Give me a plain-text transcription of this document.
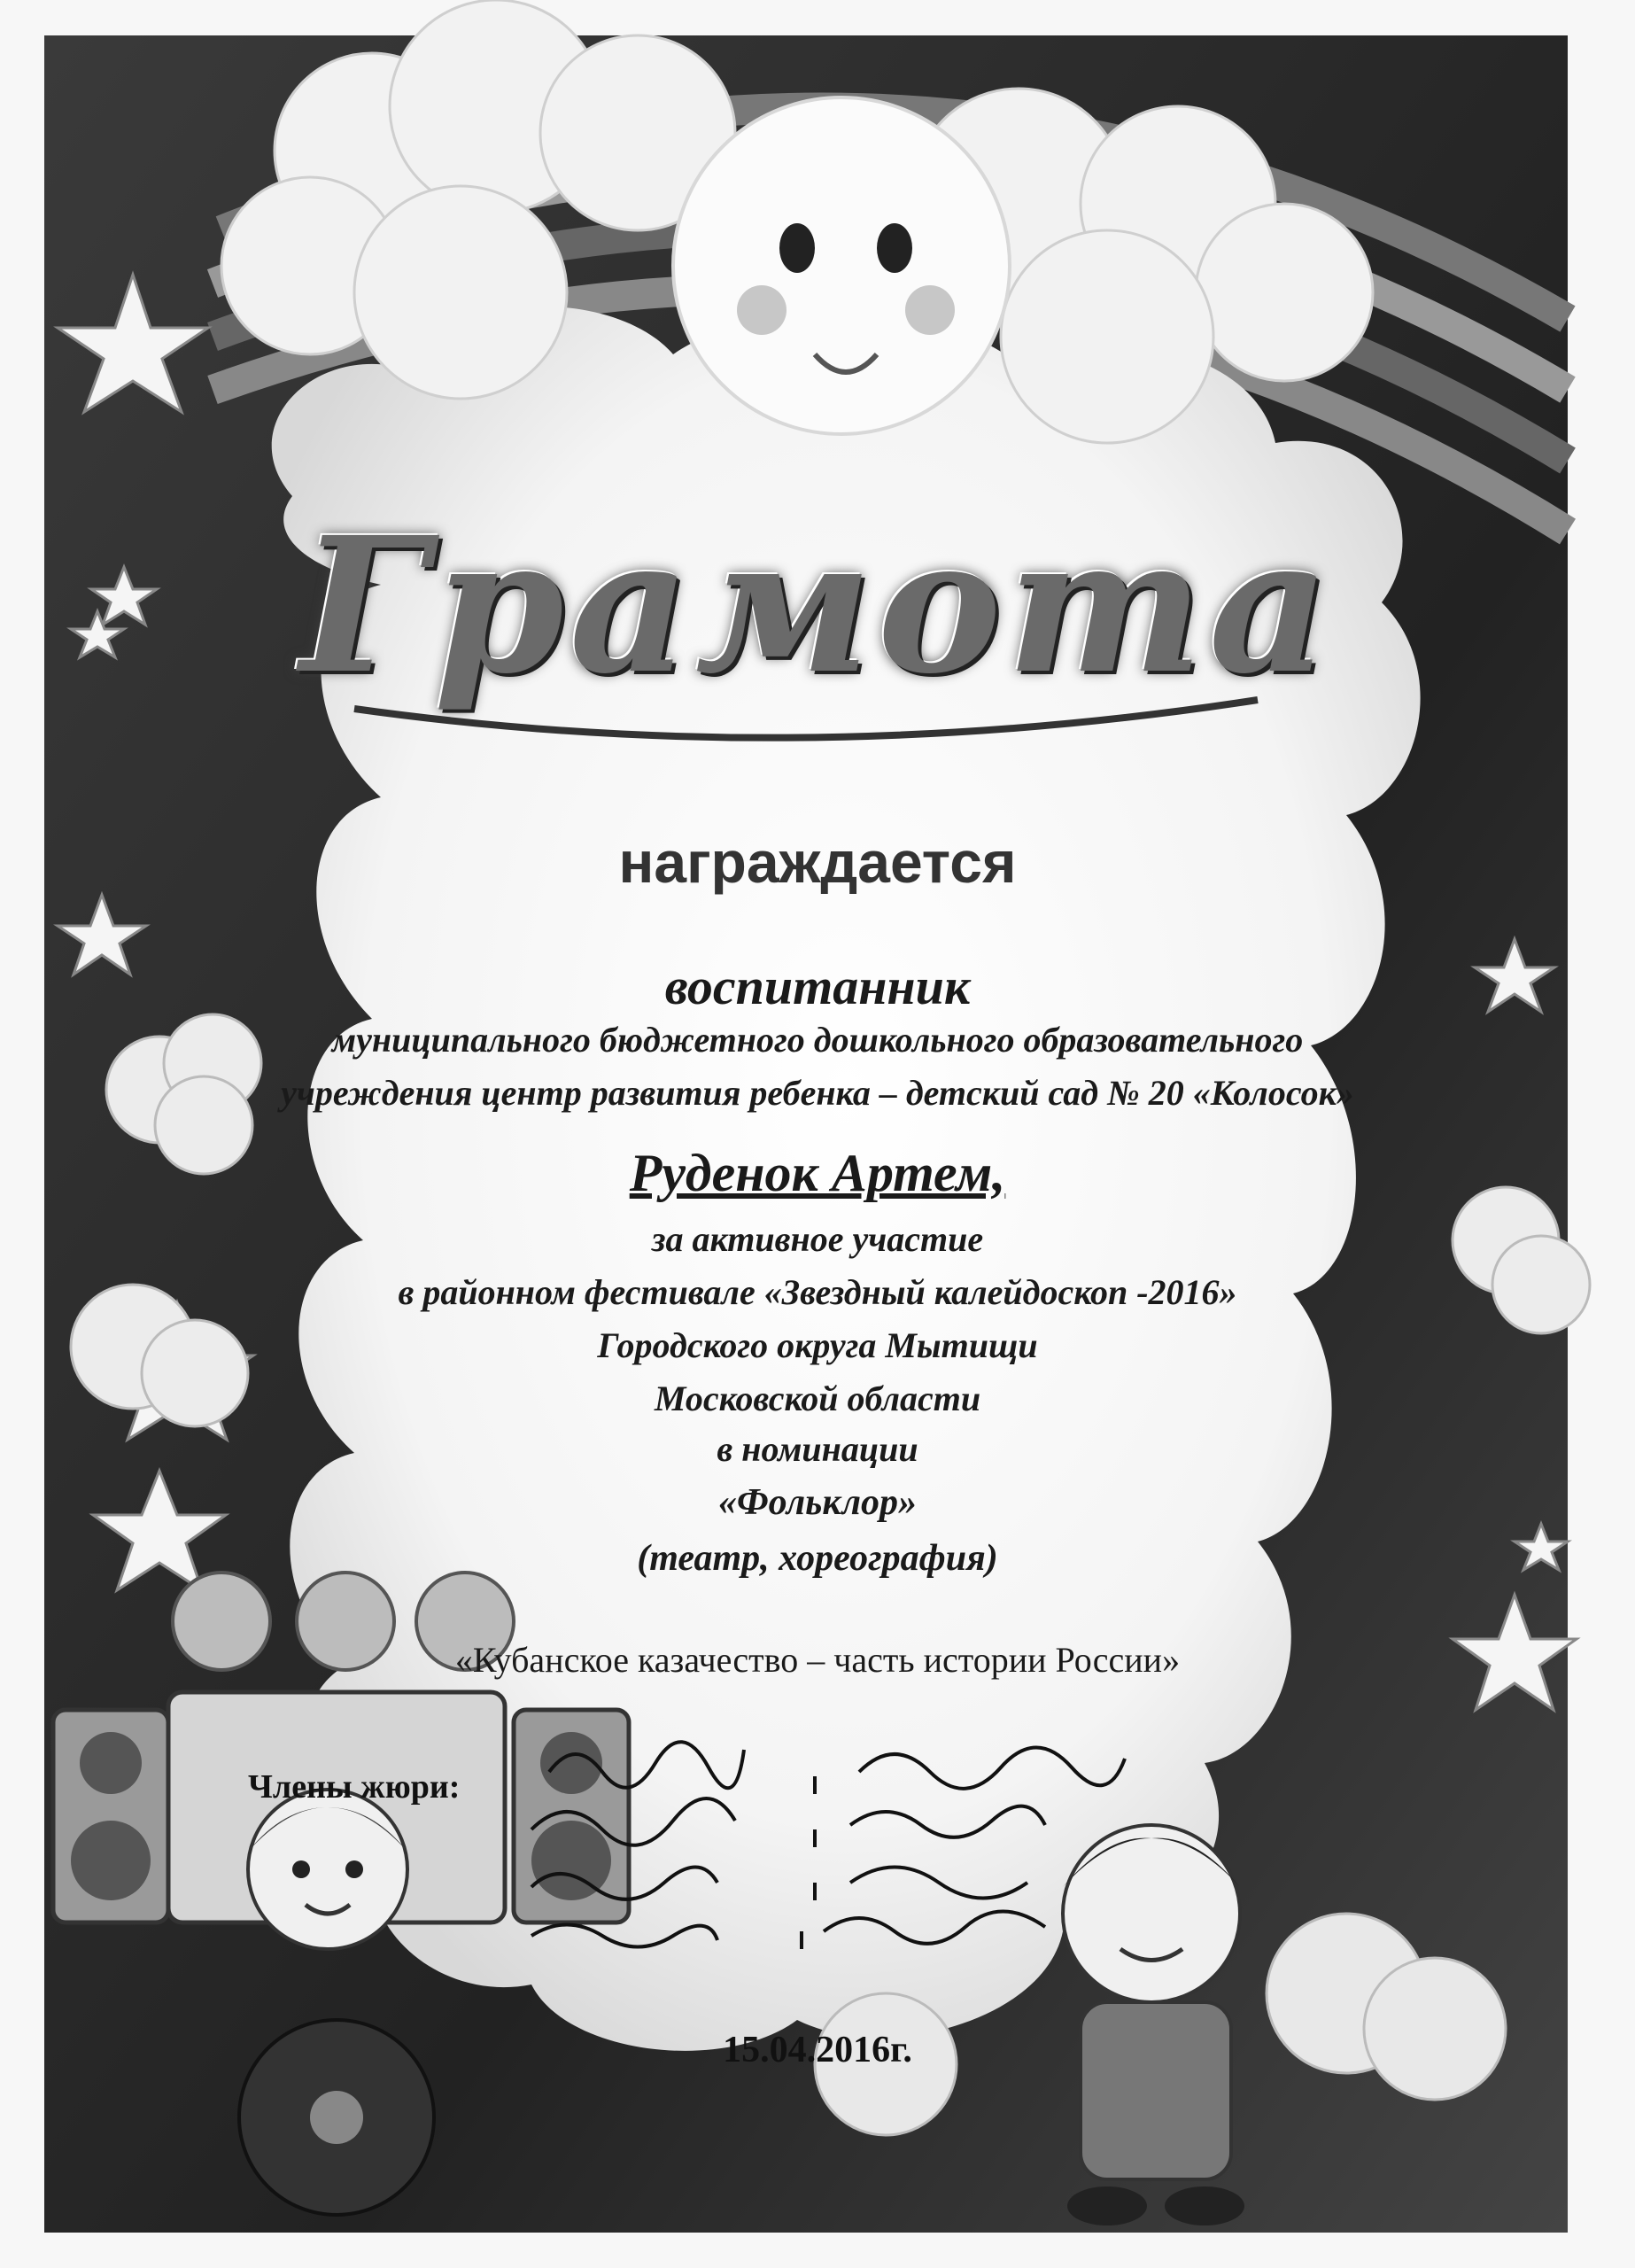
Грамота

награждается

воспитанник

муниципального бюджетного дошкольного образовательного

учреждения центр развития ребенка – детский сад № 20 «Колосок»

Руденок Артем,

за активное участие

в районном фестивале «Звездный калейдоскоп -2016»

Городского округа Мытищи

Московской области

в номинации

«Фольклор»

(театр, хореография)

«Кубанское казачество – часть истории России»

Члены жюри:
15.04.2016г.
